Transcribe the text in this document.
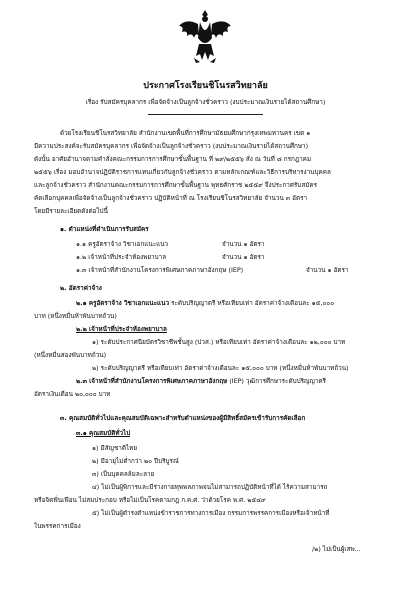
ประกาศโรงเรียนชิโนรสวิทยาลัย
เรื่อง รับสมัครบุคลากร เพื่อจัดจ้างเป็นลูกจ้างชั่วคราว (งบประมาณเงินรายได้สถานศึกษา)
ด้วยโรงเรียนชิโนรสวิทยาลัย สำนักงานเขตพื้นที่การศึกษามัธยมศึกษากรุงเทพมหานคร เขต ๑
มีความประสงค์จะรับสมัครบุคลากร เพื่อจัดจ้างเป็นลูกจ้างชั่วคราว (งบประมาณเงินรายได้สถานศึกษา)
ดังนั้น อาศัยอำนาจตามคำสั่งคณะกรรมการการศึกษาขั้นพื้นฐาน ที่ ๒๙/๒๕๕๖ สั่ง ณ วันที่ ๘ กรกฎาคม
๒๕๕๖ เรื่อง มอบอำนาจปฏิบัติราชการแทนเกี่ยวกับลูกจ้างชั่วคราว ตามหลักเกณฑ์และวิธีการบริหารงานบุคคล
และลูกจ้างชั่วคราว สำนักงานคณะกรรมการการศึกษาขั้นพื้นฐาน พุทธศักราช ๒๕๕๙ จึงประกาศรับสมัคร
คัดเลือกบุคคลเพื่อจัดจ้างเป็นลูกจ้างชั่วคราว ปฏิบัติหน้าที่ ณ โรงเรียนชิโนรสวิทยาลัย จำนวน ๓ อัตรา
โดยมีรายละเอียดดังต่อไปนี้
๑. ตำแหน่งที่ดำเนินการรับสมัคร
๑.๑ ครูอัตราจ้าง วิชาเอกแนะแนว	จำนวน ๑ อัตรา
๑.๒ เจ้าหน้าที่ประจำห้องพยาบาล	จำนวน ๑ อัตรา
๑.๓ เจ้าหน้าที่สำนักงานโครงการพิเศษภาคภาษาอังกฤษ (IEP)	จำนวน ๑ อัตรา
๒. อัตราค่าจ้าง
๒.๑ ครูอัตราจ้าง วิชาเอกแนะแนว ระดับปริญญาตรี หรือเทียบเท่า อัตราค่าจ้างเดือนละ ๑๕,๐๐๐
บาท (หนึ่งหมื่นห้าพันบาทถ้วน)
๒.๒ เจ้าหน้าที่ประจำห้องพยาบาล
๑) ระดับประกาศนียบัตรวิชาชีพชั้นสูง (ปวส.) หรือเทียบเท่า อัตราค่าจ้างเดือนละ ๑๒,๐๐๐ บาท
(หนึ่งหมื่นสองพันบาทถ้วน)
๒) ระดับปริญญาตรี หรือเทียบเท่า อัตราค่าจ้างเดือนละ ๑๕,๐๐๐ บาท (หนึ่งหมื่นห้าพันบาทถ้วน)
๒.๓ เจ้าหน้าที่สำนักงานโครงการพิเศษภาคภาษาอังกฤษ (IEP) วุฒิการศึกษาระดับปริญญาตรี
อัตราเงินเดือน ๒๐,๐๐๐ บาท
๓. คุณสมบัติทั่วไปและคุณสมบัติเฉพาะสำหรับตำแหน่งของผู้มีสิทธิ์สมัครเข้ารับการคัดเลือก
๓.๑ คุณสมบัติทั่วไป
๑) มีสัญชาติไทย
๒) มีอายุไม่ต่ำกว่า ๒๐ ปีบริบูรณ์
๓) เป็นบุคคลล้มละลาย
๔) ไม่เป็นผู้พิการและมีร่างกายทุพพลภาพจนไม่สามารถปฏิบัติหน้าที่ได้ ไร้ความสามารถ
หรือจิตฟั่นเฟือน ไม่สมประกอบ หรือไม่เป็นโรคตามกฎ ก.ค.ศ. ว่าด้วยโรค พ.ศ. ๒๕๔๙
๕) ไม่เป็นผู้ดำรงตำแหน่งข้าราชการทางการเมือง กรรมการพรรคการเมืองหรือเจ้าหน้าที่
ในพรรคการเมือง
/๒) ไม่เป็นผู้เสพ...
